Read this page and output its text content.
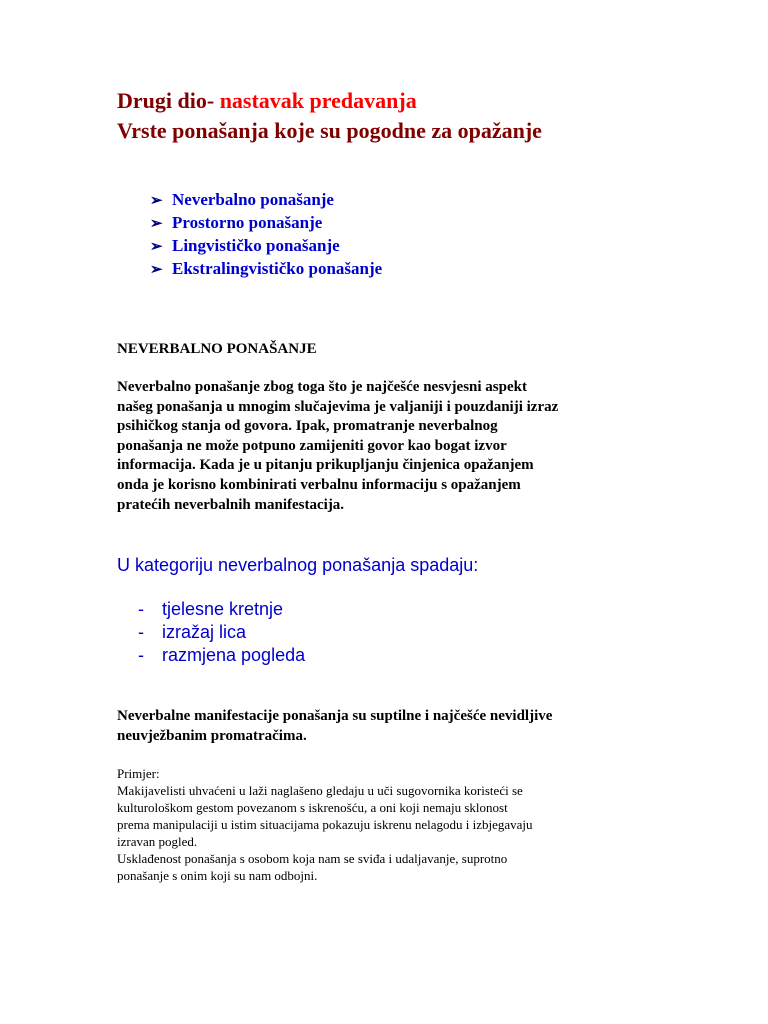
Drugi dio- nastavak predavanja
Vrste ponašanja koje su pogodne za opažanje
➢ Neverbalno ponašanje
➢ Prostorno ponašanje
➢ Lingvističko ponašanje
➢ Ekstralingvističko ponašanje
NEVERBALNO PONAŠANJE
Neverbalno ponašanje zbog toga što je najčešće nesvjesni aspekt
našeg ponašanja u mnogim slučajevima je valjaniji i pouzdaniji izraz
psihičkog stanja od govora. Ipak, promatranje neverbalnog
ponašanja ne može potpuno zamijeniti govor kao bogat izvor
informacija. Kada je u pitanju prikupljanju činjenica opažanjem
onda je korisno kombinirati verbalnu informaciju s opažanjem
pratećih neverbalnih manifestacija.
U kategoriju neverbalnog ponašanja spadaju:
- tjelesne kretnje
- izražaj lica
- razmjena pogleda
Neverbalne manifestacije ponašanja su suptilne i najčešće nevidljive
neuvježbanim promatračima.
Primjer:
Makijavelisti uhvaćeni u laži naglašeno gledaju u uči sugovornika koristeći se
kulturološkom gestom povezanom s iskrenošću, a oni koji nemaju sklonost
prema manipulaciji u istim situacijama pokazuju iskrenu nelagodu i izbjegavaju
izravan pogled.
Usklađenost ponašanja s osobom koja nam se sviđa i udaljavanje, suprotno
ponašanje s onim koji su nam odbojni.
